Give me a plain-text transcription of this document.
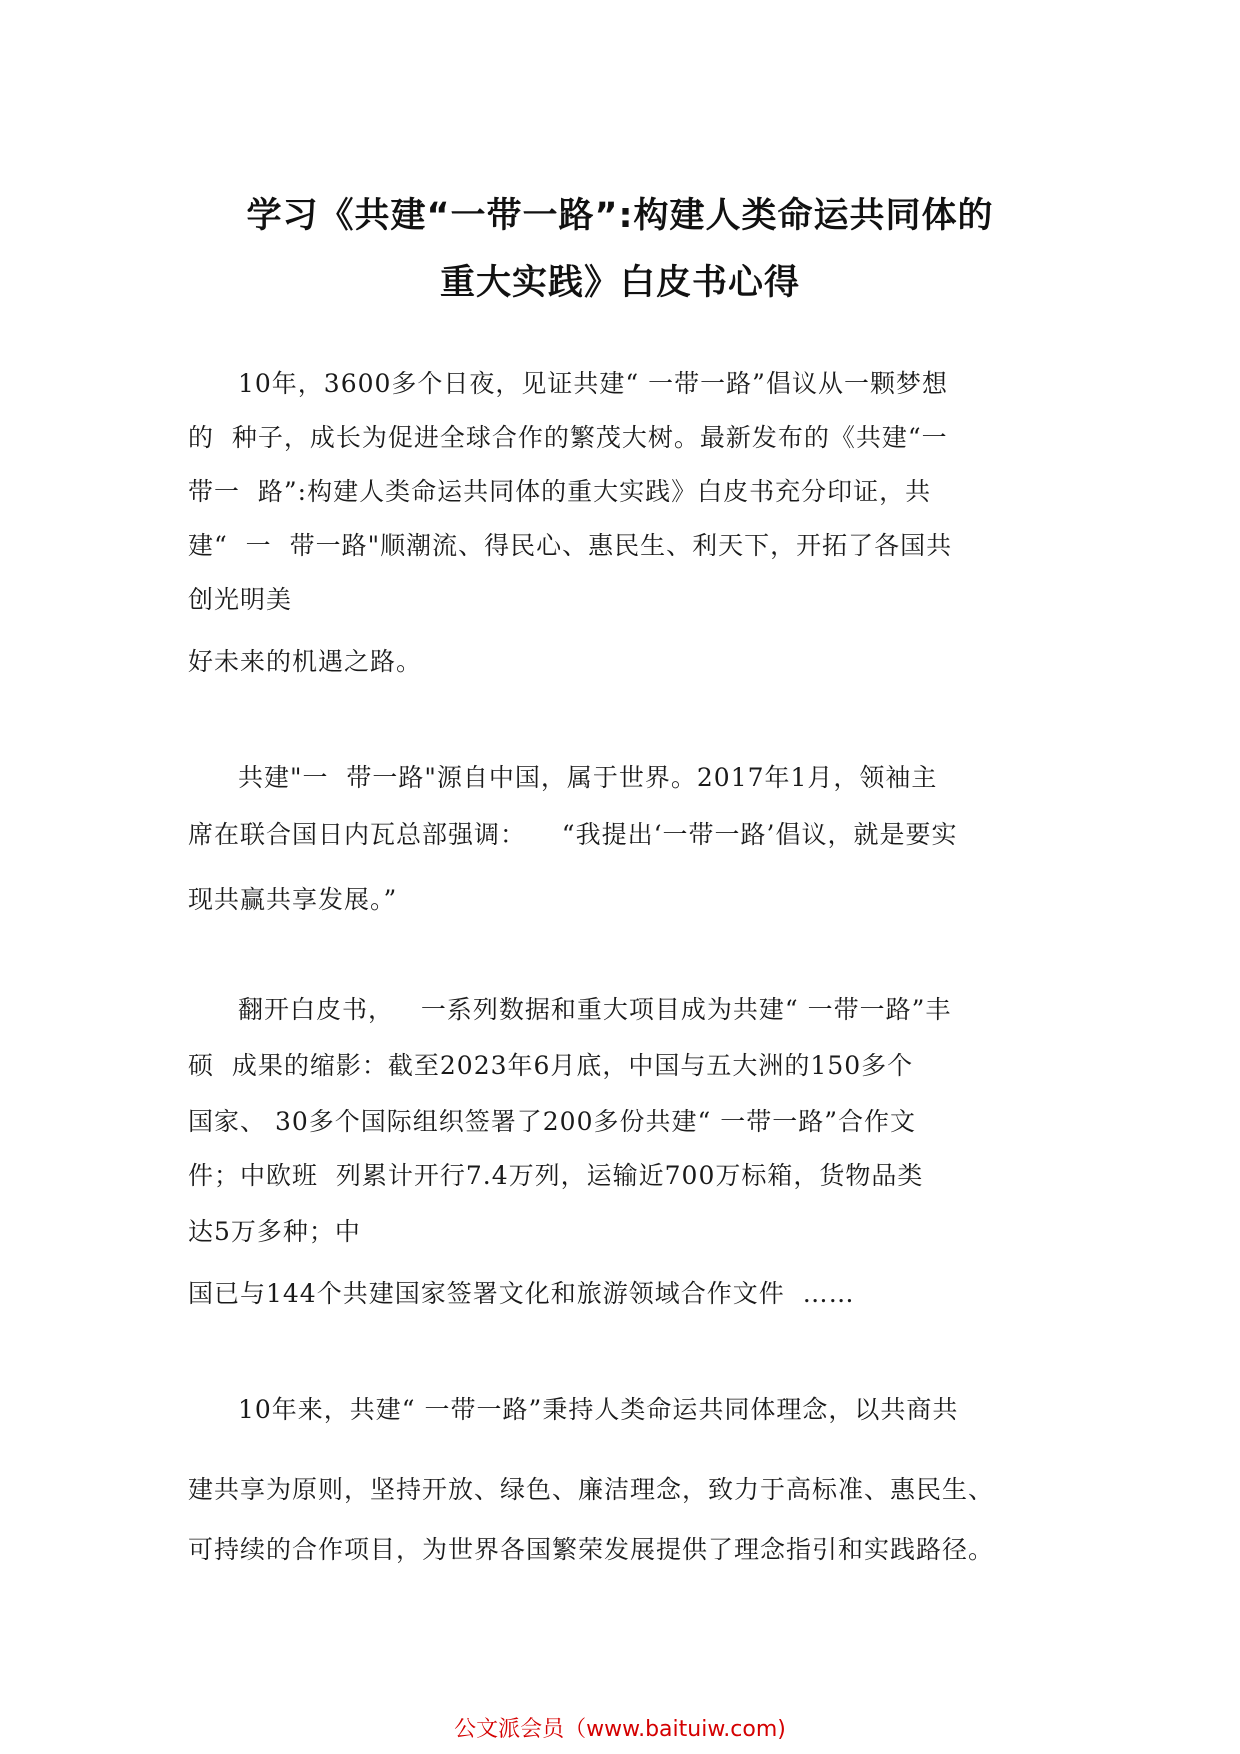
学习《共建“一带一路”:构建人类命运共同体的
重大实践》白皮书心得
10年，3600多个日夜，见证共建“ 一带一路”倡议从一颗梦想
的  种子，成长为促进全球合作的繁茂大树。最新发布的《共建“一
带一  路”:构建人类命运共同体的重大实践》白皮书充分印证，共
建“  一  带一路"顺潮流、得民心、惠民生、利天下，开拓了各国共
创光明美
好未来的机遇之路。
共建"一  带一路"源自中国，属于世界。2017年1月，领袖主
席在联合国日内瓦总部强调：    “我提出‘一带一路’倡议，就是要实
现共赢共享发展。”
翻开白皮书，   一系列数据和重大项目成为共建“ 一带一路”丰
硕  成果的缩影：截至2023年6月底，中国与五大洲的150多个
国家、 30多个国际组织签署了200多份共建“ 一带一路”合作文
件；中欧班  列累计开行7.4万列，运输近700万标箱，货物品类
达5万多种；中
国已与144个共建国家签署文化和旅游领域合作文件  ……
10年来，共建“ 一带一路”秉持人类命运共同体理念，以共商共
建共享为原则，坚持开放、绿色、廉洁理念，致力于高标准、惠民生、
可持续的合作项目，为世界各国繁荣发展提供了理念指引和实践路径。
公文派会员（www.baituiw.com)
